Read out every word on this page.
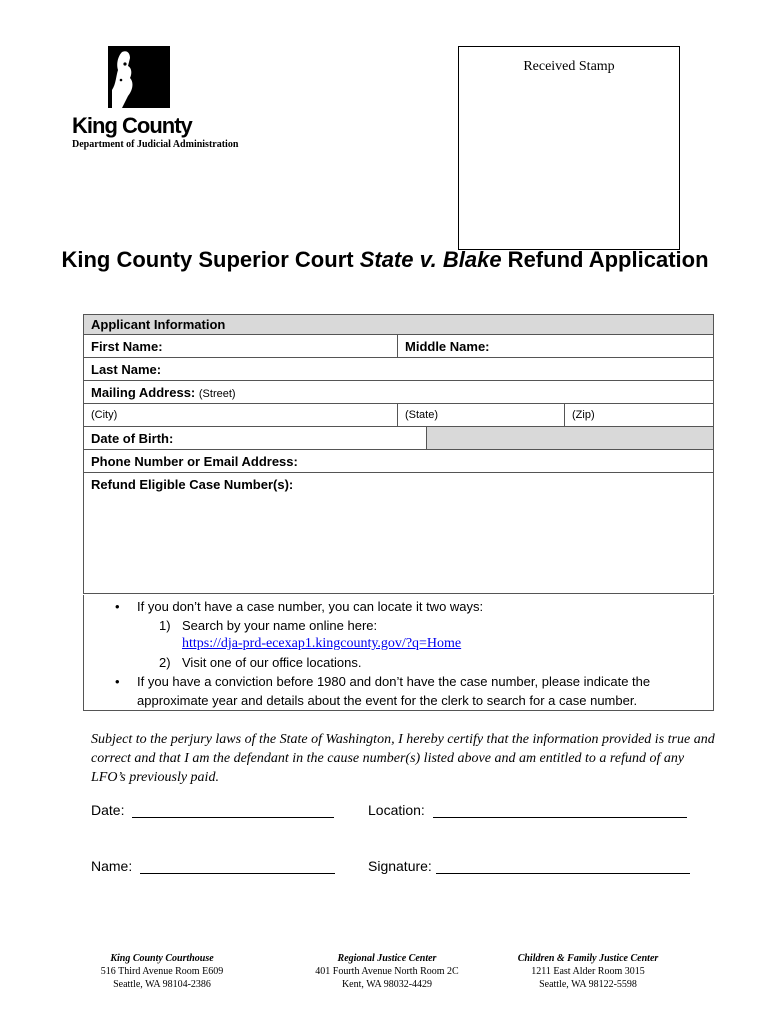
King County
Department of Judicial Administration
Received Stamp
King County Superior Court State v. Blake Refund Application
Applicant Information
First Name:	Middle Name:
Last Name:
Mailing Address: (Street)
(City)	(State)	(Zip)
Date of Birth:
Phone Number or Email Address:
Refund Eligible Case Number(s):
• If you don’t have a case number, you can locate it two ways:
1) Search by your name online here:
https://dja-prd-ecexap1.kingcounty.gov/?q=Home
2) Visit one of our office locations.
• If you have a conviction before 1980 and don’t have the case number, please indicate the
approximate year and details about the event for the clerk to search for a case number.
Subject to the perjury laws of the State of Washington, I hereby certify that the information provided is true and correct and that I am the defendant in the cause number(s) listed above and am entitled to a refund of any LFO’s previously paid.
Date:	Location:
Name:	Signature:
King County Courthouse
516 Third Avenue Room E609
Seattle, WA 98104-2386
Regional Justice Center
401 Fourth Avenue North Room 2C
Kent, WA 98032-4429
Children & Family Justice Center
1211 East Alder Room 3015
Seattle, WA 98122-5598
